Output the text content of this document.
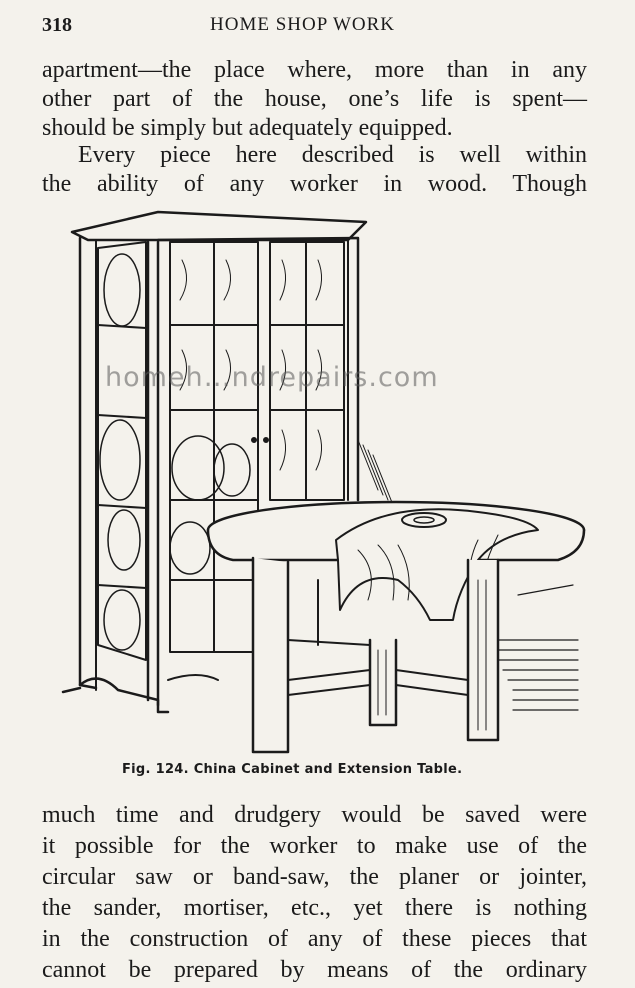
318	HOME SHOP WORK
apartment—the place where, more than in any
other part of the house, one’s life is spent—
should be simply but adequately equipped.
Every piece here described is well within
the ability of any worker in wood. Though
homeh…ndrepairs.com
Fig. 124. China Cabinet and Extension Table.
much time and drudgery would be saved were
it possible for the worker to make use of the
circular saw or band-saw, the planer or jointer,
the sander, mortiser, etc., yet there is nothing
in the construction of any of these pieces that
cannot be prepared by means of the ordinary
